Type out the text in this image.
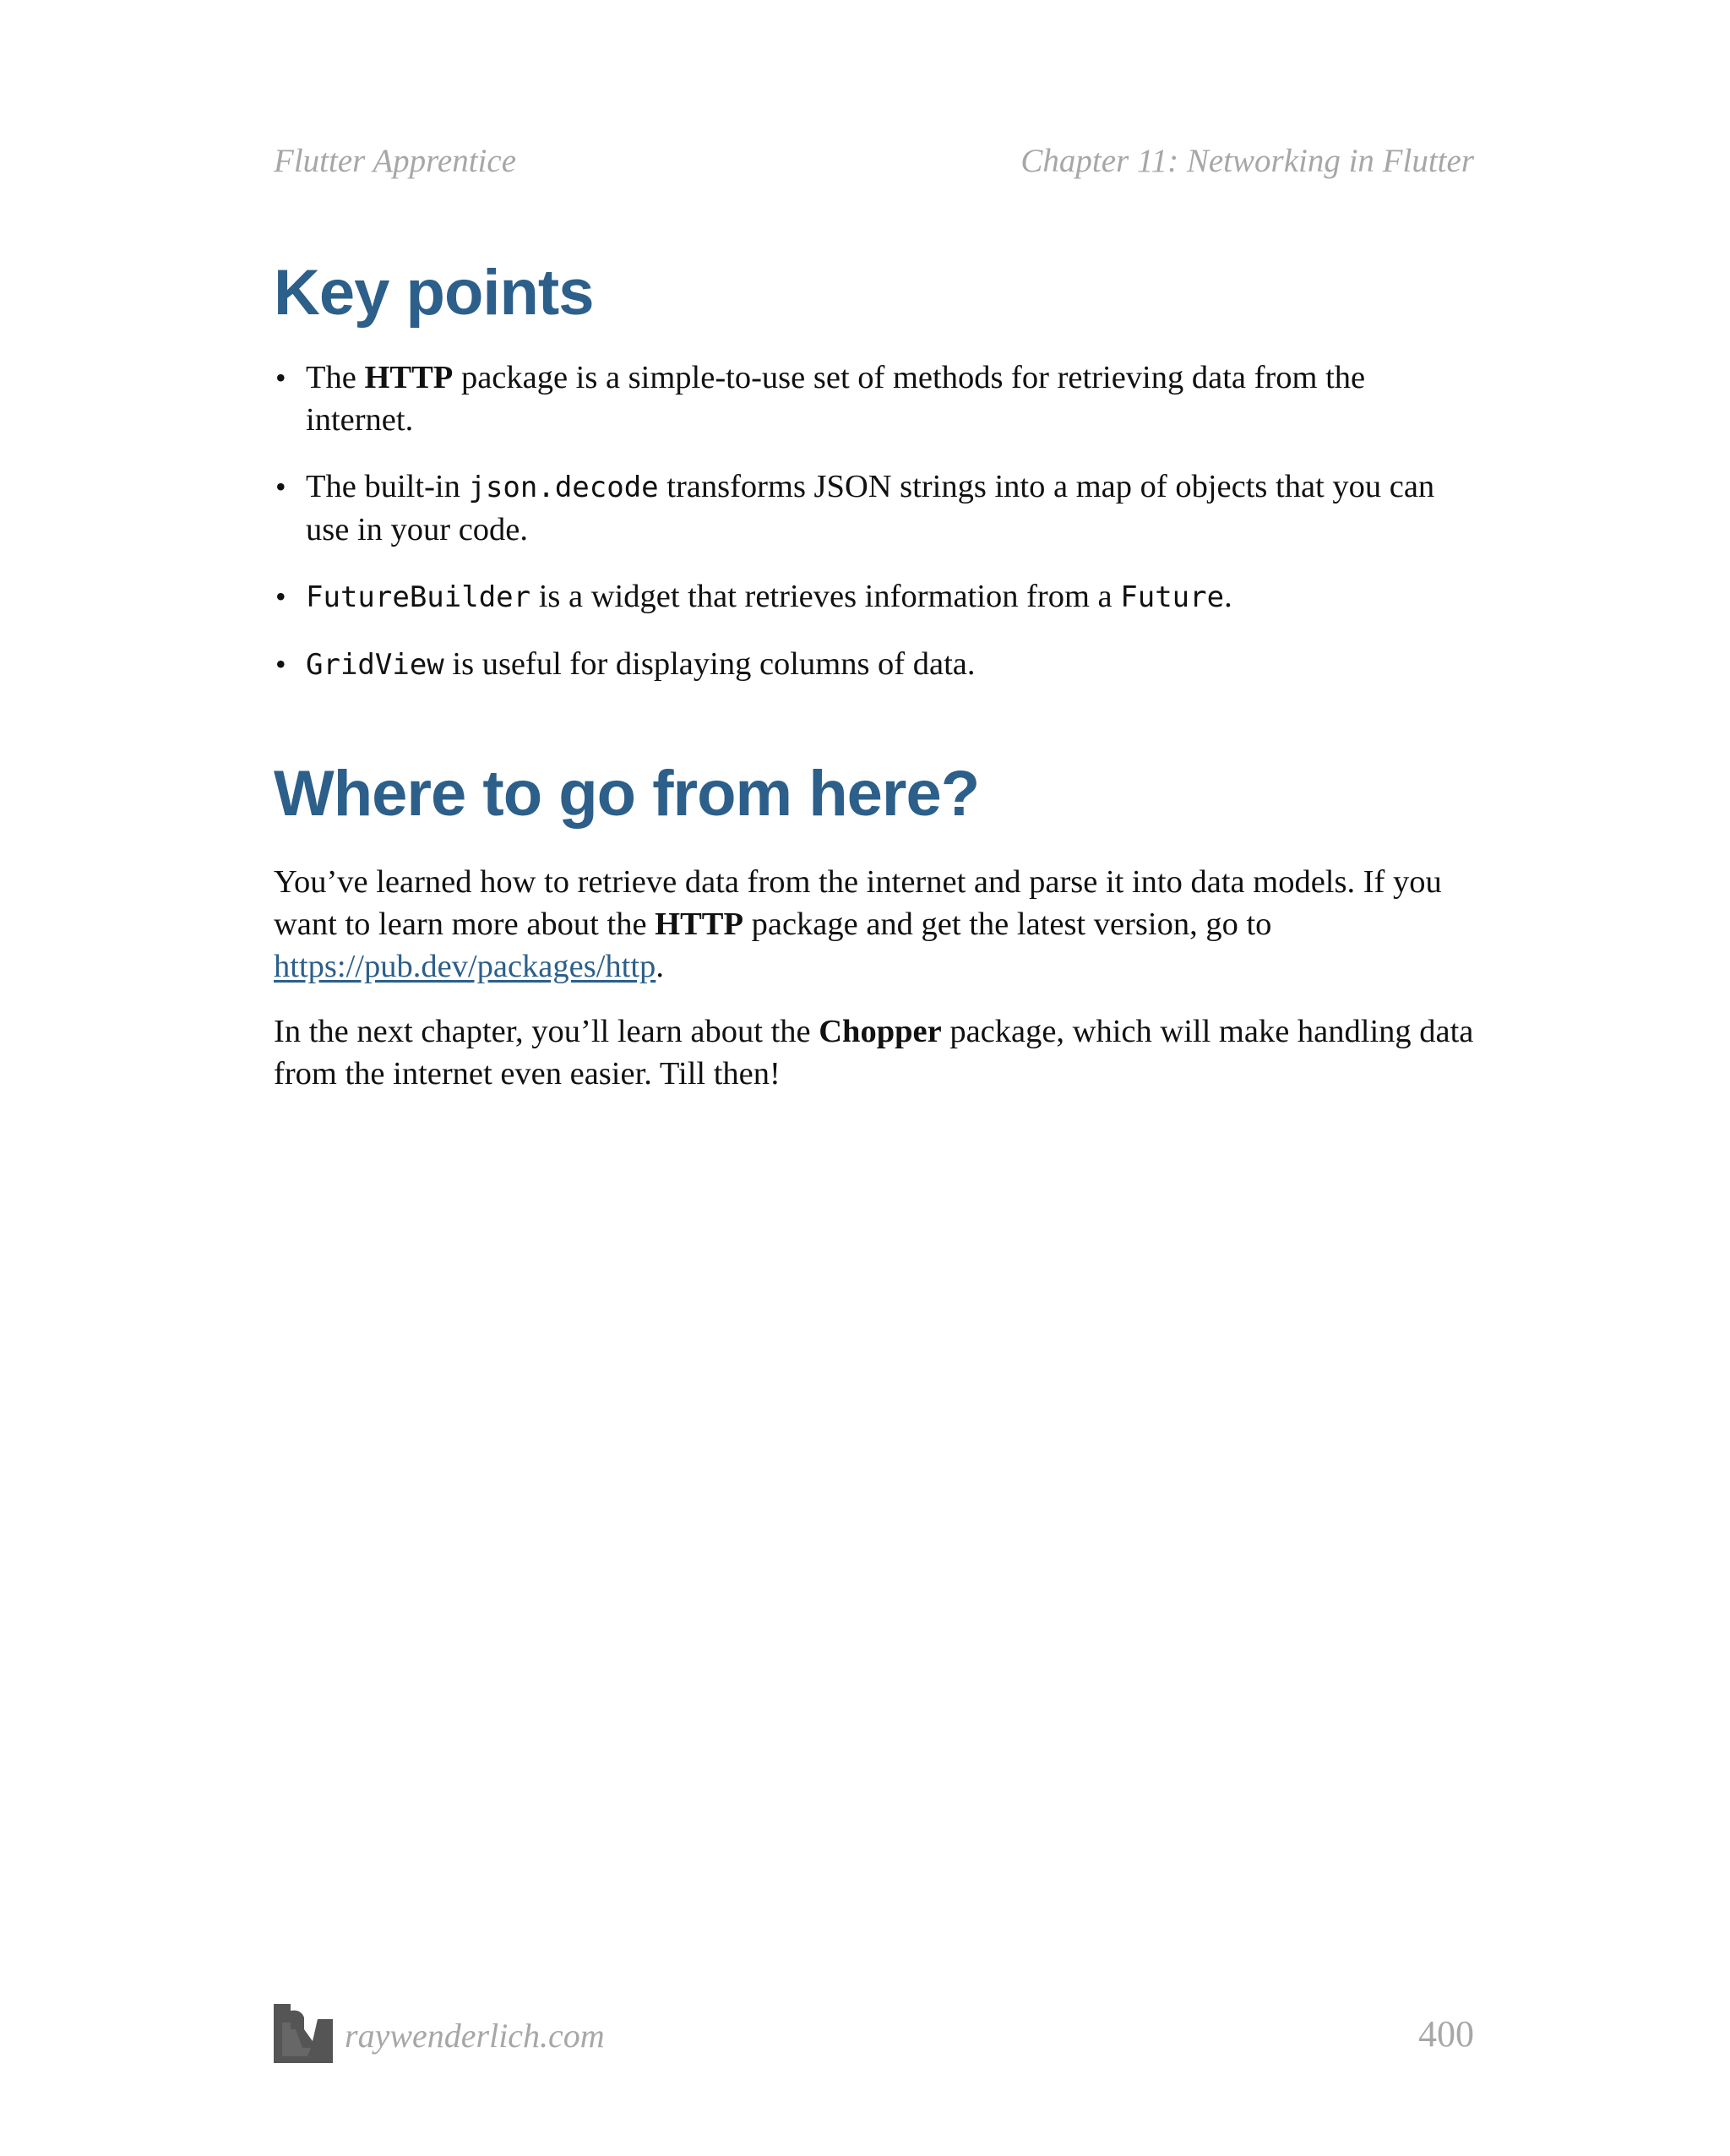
Flutter Apprentice	Chapter 11: Networking in Flutter
Key points
• The HTTP package is a simple-to-use set of methods for retrieving data from the internet.
• The built-in json.decode transforms JSON strings into a map of objects that you can use in your code.
• FutureBuilder is a widget that retrieves information from a Future.
• GridView is useful for displaying columns of data.
Where to go from here?

You’ve learned how to retrieve data from the internet and parse it into data models. If you want to learn more about the HTTP package and get the latest version, go to https://pub.dev/packages/http.

In the next chapter, you’ll learn about the Chopper package, which will make handling data from the internet even easier. Till then!

raywenderlich.com	400
